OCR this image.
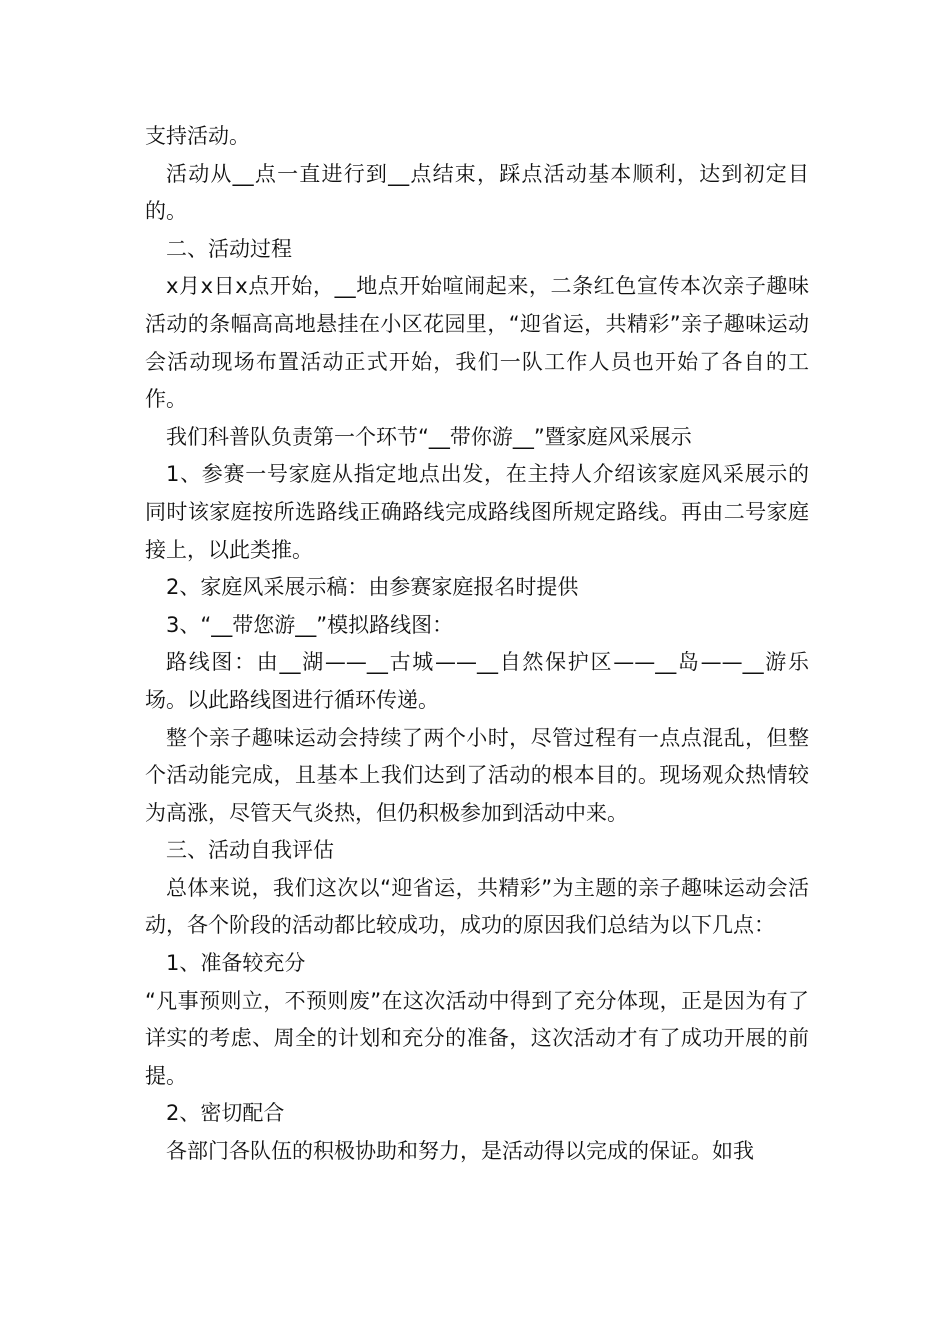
支持活动。

活动从__点一直进行到__点结束，踩点活动基本顺利，达到初定目的。

二、活动过程

x月x日x点开始，__地点开始喧闹起来，二条红色宣传本次亲子趣味活动的条幅高高地悬挂在小区花园里，“迎省运，共精彩”亲子趣味运动会活动现场布置活动正式开始，我们一队工作人员也开始了各自的工作。

我们科普队负责第一个环节“__带你游__”暨家庭风采展示

1、参赛一号家庭从指定地点出发，在主持人介绍该家庭风采展示的同时该家庭按所选路线正确路线完成路线图所规定路线。再由二号家庭接上，以此类推。

2、家庭风采展示稿：由参赛家庭报名时提供

3、“__带您游__”模拟路线图：

路线图：由__湖——__古城——__自然保护区——__岛——__游乐场。以此路线图进行循环传递。

整个亲子趣味运动会持续了两个小时，尽管过程有一点点混乱，但整个活动能完成，且基本上我们达到了活动的根本目的。现场观众热情较为高涨，尽管天气炎热，但仍积极参加到活动中来。

三、活动自我评估

总体来说，我们这次以“迎省运，共精彩”为主题的亲子趣味运动会活动，各个阶段的活动都比较成功，成功的原因我们总结为以下几点：

1、准备较充分

“凡事预则立，不预则废”在这次活动中得到了充分体现，正是因为有了详实的考虑、周全的计划和充分的准备，这次活动才有了成功开展的前提。

2、密切配合

各部门各队伍的积极协助和努力，是活动得以完成的保证。如我
